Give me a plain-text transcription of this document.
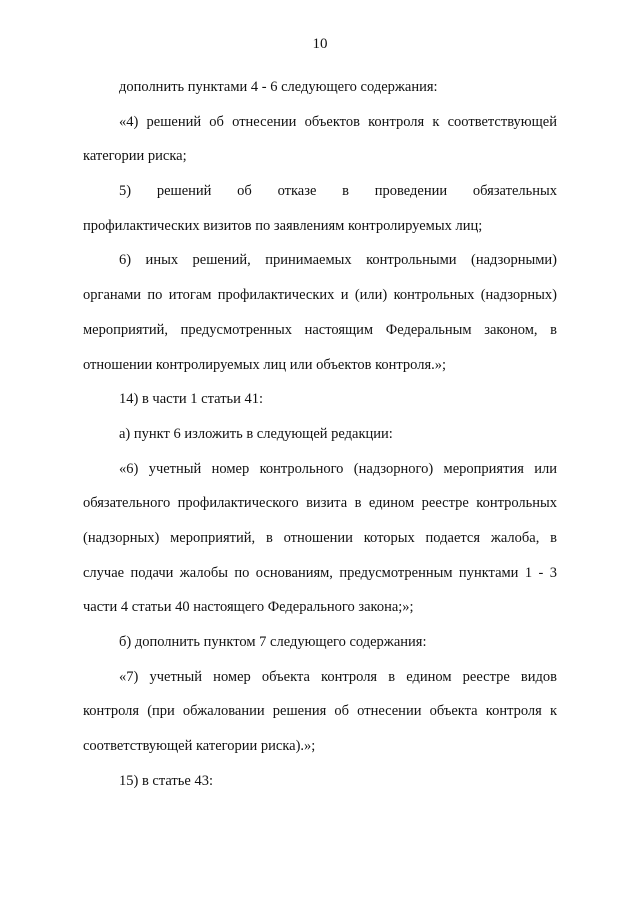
10
дополнить пунктами 4 - 6 следующего содержания:
«4) решений об отнесении объектов контроля к соответствующей
категории риска;
5) решений об отказе в проведении обязательных
профилактических визитов по заявлениям контролируемых лиц;
6) иных решений, принимаемых контрольными (надзорными)
органами по итогам профилактических и (или) контрольных (надзорных)
мероприятий, предусмотренных настоящим Федеральным законом, в
отношении контролируемых лиц или объектов контроля.»;
14) в части 1 статьи 41:
а) пункт 6 изложить в следующей редакции:
«6) учетный номер контрольного (надзорного) мероприятия или
обязательного профилактического визита в едином реестре контрольных
(надзорных) мероприятий, в отношении которых подается жалоба, в
случае подачи жалобы по основаниям, предусмотренным пунктами 1 - 3
части 4 статьи 40 настоящего Федерального закона;»;
б) дополнить пунктом 7 следующего содержания:
«7) учетный номер объекта контроля в едином реестре видов
контроля (при обжаловании решения об отнесении объекта контроля к
соответствующей категории риска).»;
15) в статье 43:
